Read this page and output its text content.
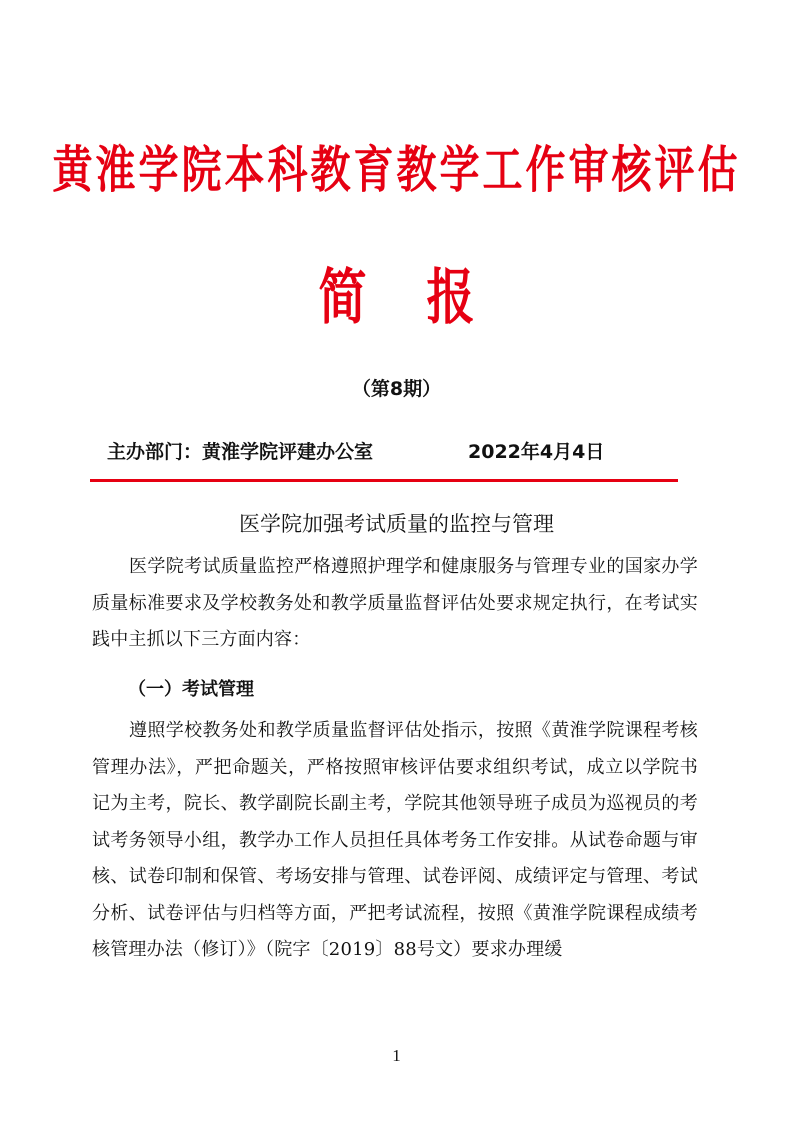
黄淮学院本科教育教学工作审核评估
简报
（第8期）
主办部门：黄淮学院评建办公室	2022年4月4日
医学院加强考试质量的监控与管理
医学院考试质量监控严格遵照护理学和健康服务与管理专业的国家办学质量标准要求及学校教务处和教学质量监督评估处要求规定执行，在考试实践中主抓以下三方面内容：
（一）考试管理
遵照学校教务处和教学质量监督评估处指示，按照《黄淮学院课程考核管理办法》，严把命题关，严格按照审核评估要求组织考试，成立以学院书记为主考，院长、教学副院长副主考，学院其他领导班子成员为巡视员的考试考务领导小组，教学办工作人员担任具体考务工作安排。从试卷命题与审核、试卷印制和保管、考场安排与管理、试卷评阅、成绩评定与管理、考试分析、试卷评估与归档等方面，严把考试流程，按照《黄淮学院课程成绩考核管理办法（修订）》（院字〔2019〕88号文）要求办理缓
1
